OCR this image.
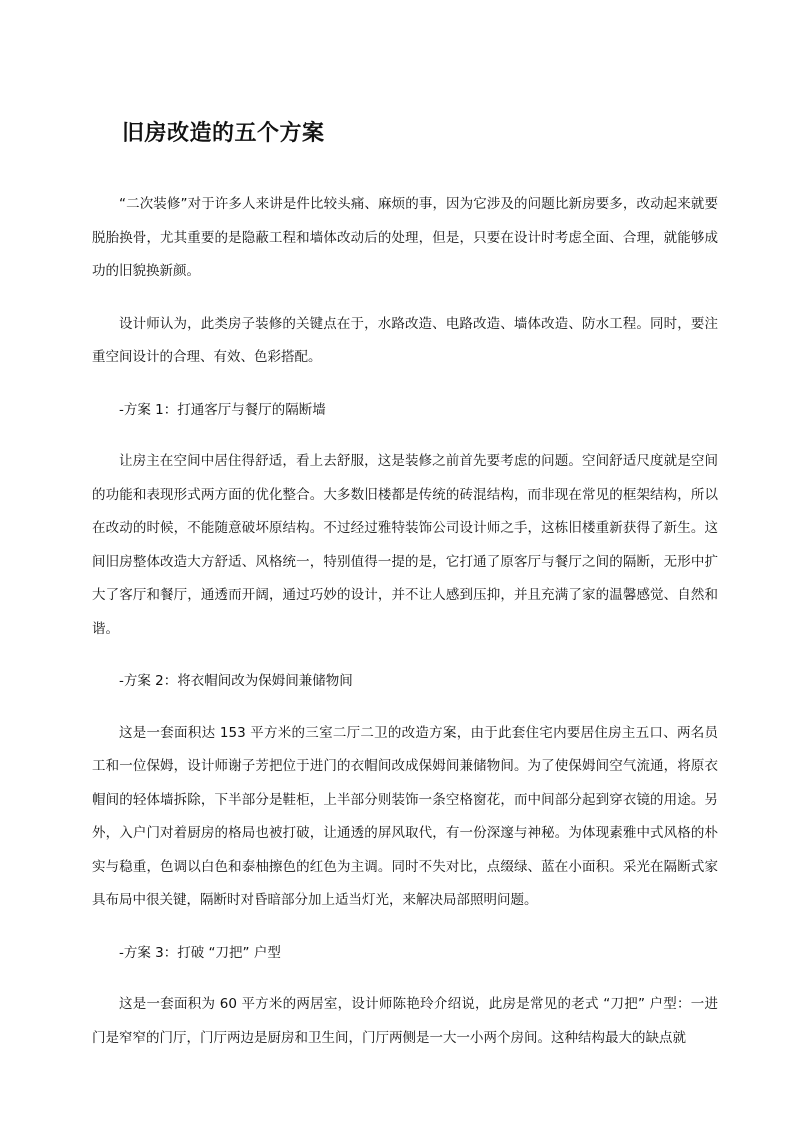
旧房改造的五个方案

“二次装修”对于许多人来讲是件比较头痛、麻烦的事，因为它涉及的问题比新房要多，改动起来就要脱胎换骨，尤其重要的是隐蔽工程和墙体改动后的处理，但是，只要在设计时考虑全面、合理，就能够成功的旧貌换新颜。

设计师认为，此类房子装修的关键点在于，水路改造、电路改造、墙体改造、防水工程。同时，要注重空间设计的合理、有效、色彩搭配。

-方案 1：打通客厅与餐厅的隔断墙

让房主在空间中居住得舒适，看上去舒服，这是装修之前首先要考虑的问题。空间舒适尺度就是空间的功能和表现形式两方面的优化整合。大多数旧楼都是传统的砖混结构，而非现在常见的框架结构，所以在改动的时候，不能随意破坏原结构。不过经过雅特装饰公司设计师之手，这栋旧楼重新获得了新生。这间旧房整体改造大方舒适、风格统一，特别值得一提的是，它打通了原客厅与餐厅之间的隔断，无形中扩大了客厅和餐厅，通透而开阔，通过巧妙的设计，并不让人感到压抑，并且充满了家的温馨感觉、自然和谐。

-方案 2：将衣帽间改为保姆间兼储物间

这是一套面积达 153 平方米的三室二厅二卫的改造方案，由于此套住宅内要居住房主五口、两名员工和一位保姆，设计师谢子芳把位于进门的衣帽间改成保姆间兼储物间。为了使保姆间空气流通，将原衣帽间的轻体墙拆除，下半部分是鞋柜，上半部分则装饰一条空格窗花，而中间部分起到穿衣镜的用途。另外，入户门对着厨房的格局也被打破，让通透的屏风取代，有一份深邃与神秘。为体现素雅中式风格的朴实与稳重，色调以白色和泰柚擦色的红色为主调。同时不失对比，点缀绿、蓝在小面积。采光在隔断式家具布局中很关键，隔断时对昏暗部分加上适当灯光，来解决局部照明问题。

-方案 3：打破 “刀把” 户型

这是一套面积为 60 平方米的两居室，设计师陈艳玲介绍说，此房是常见的老式 “刀把” 户型：一进门是窄窄的门厅，门厅两边是厨房和卫生间，门厅两侧是一大一小两个房间。这种结构最大的缺点就
